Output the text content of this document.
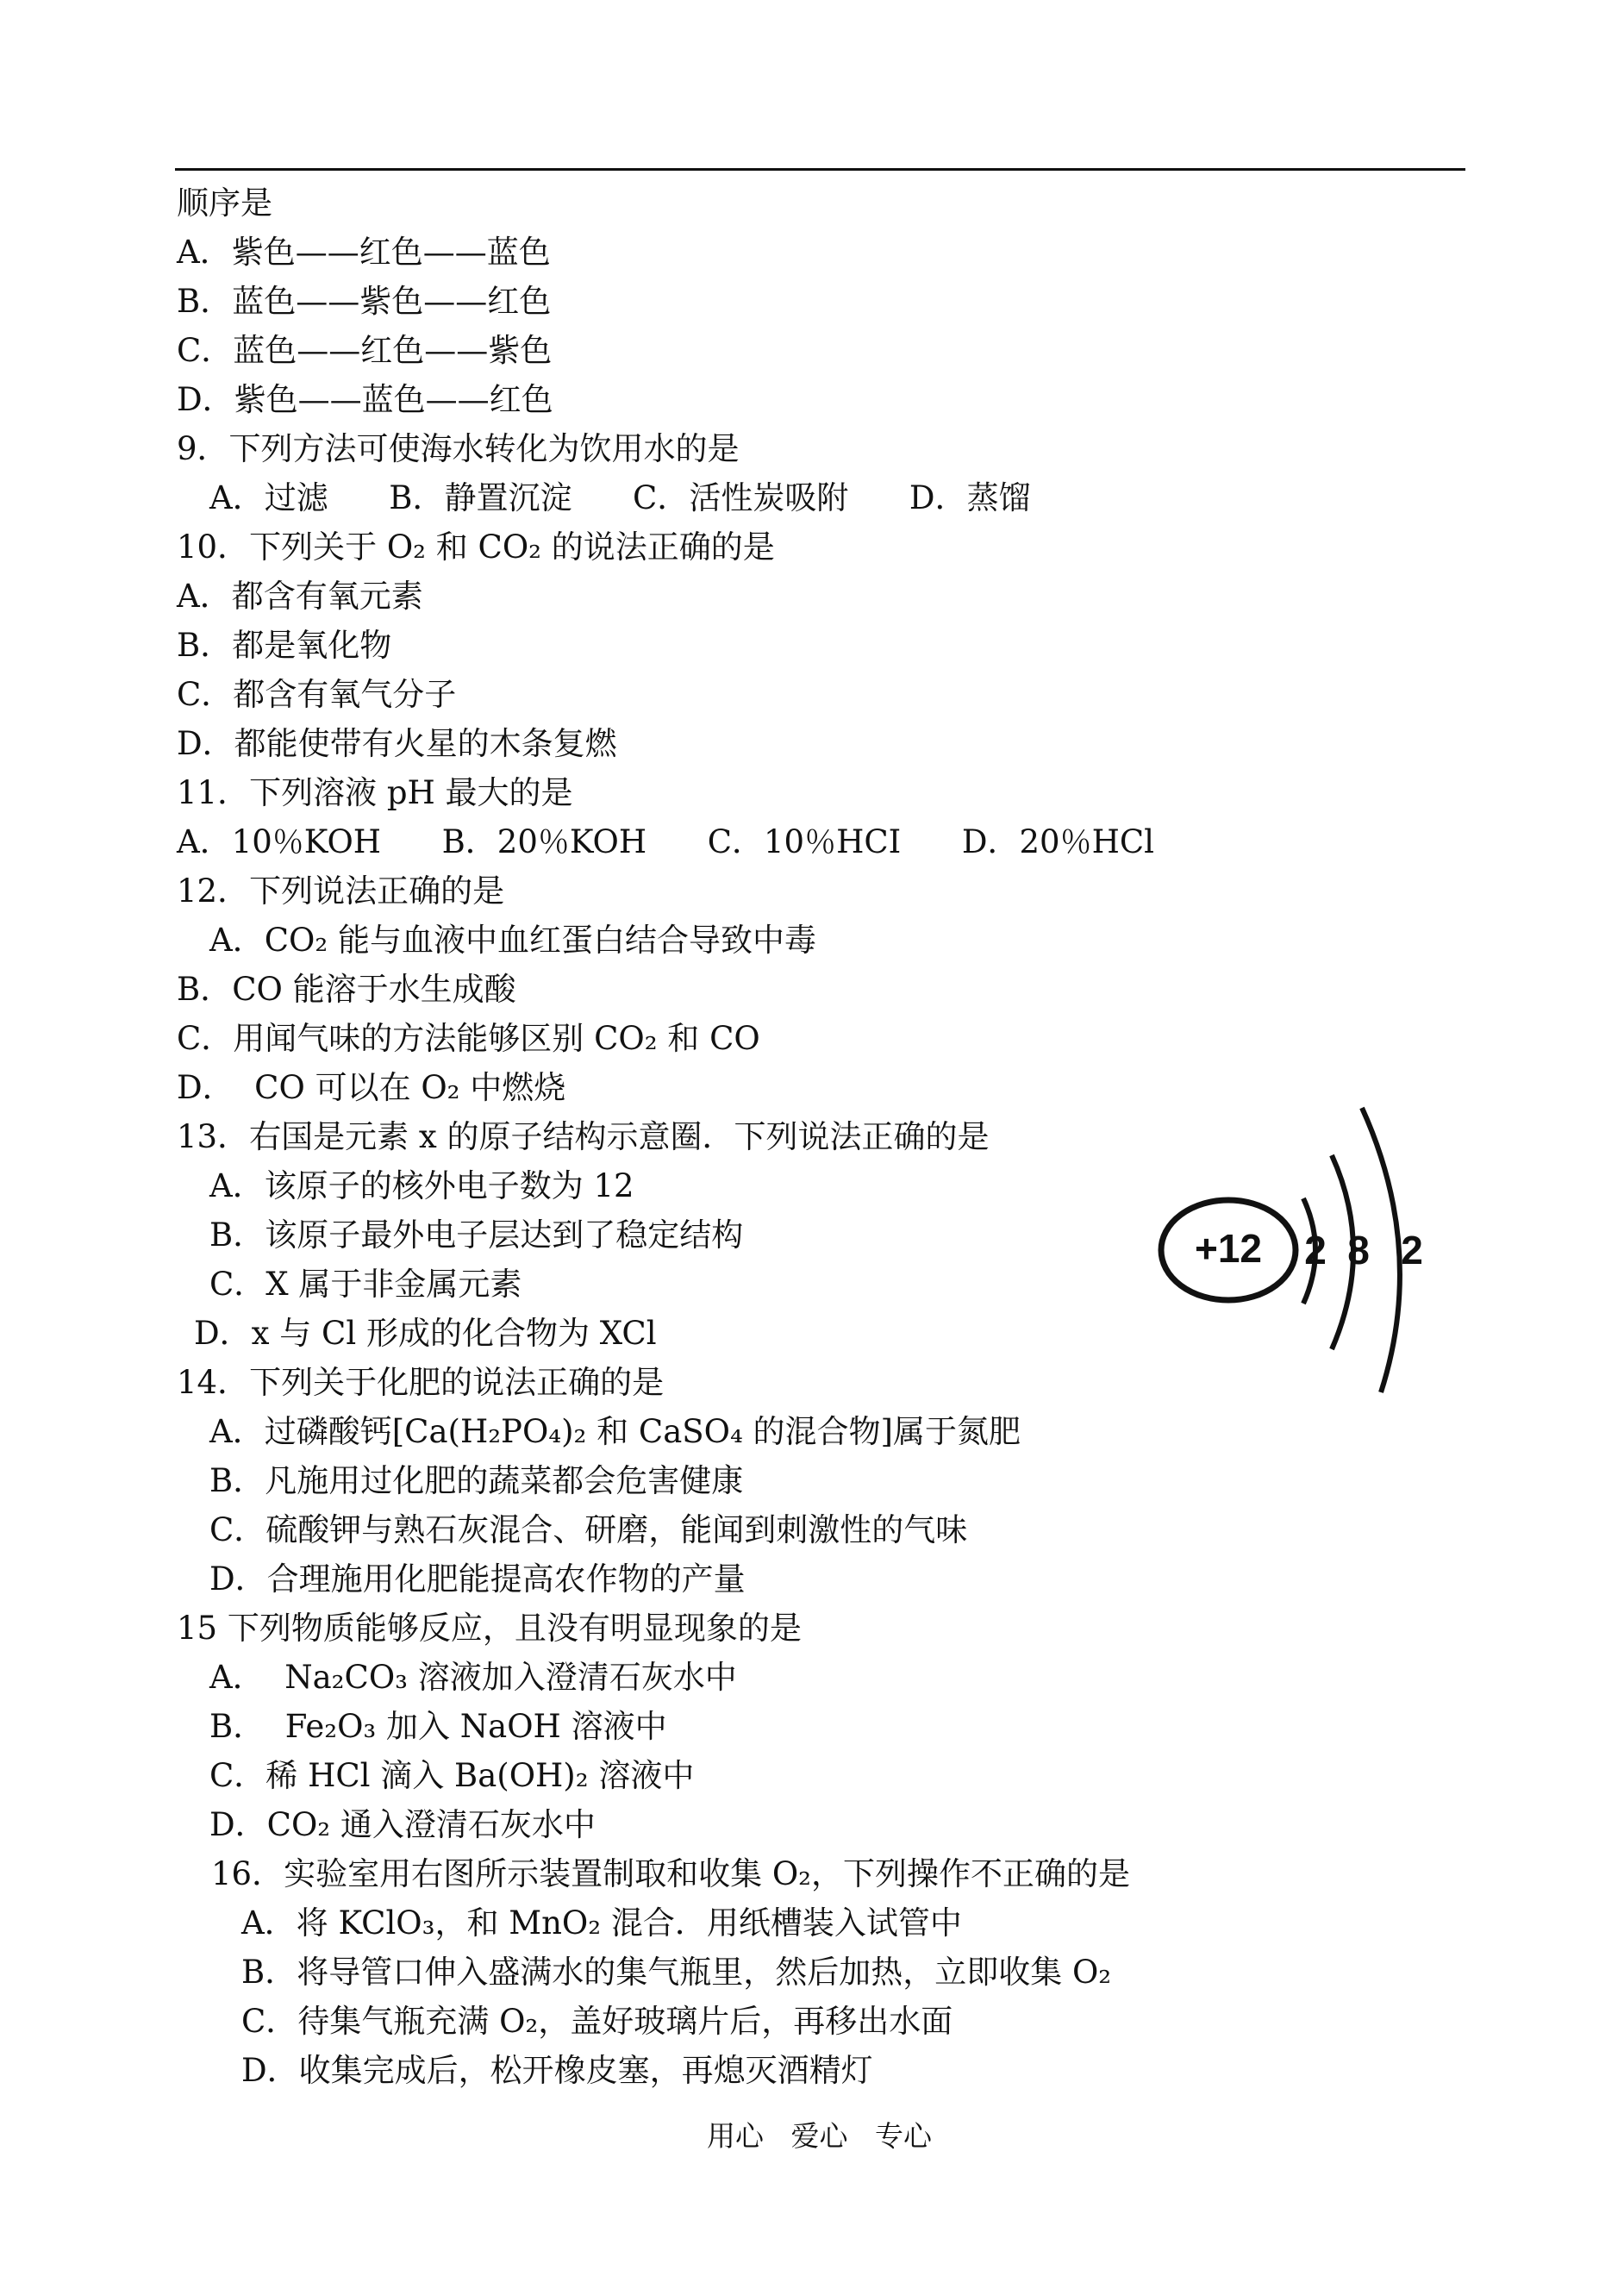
顺序是
A．紫色——红色——蓝色
B．蓝色——紫色——红色
C．蓝色——红色——紫色
D．紫色——蓝色——红色
9．下列方法可使海水转化为饮用水的是
A．过滤      B．静置沉淀      C．活性炭吸附      D．蒸馏
10．下列关于 O₂ 和 CO₂ 的说法正确的是
A．都含有氧元素
B．都是氧化物
C．都含有氧气分子
D．都能使带有火星的木条复燃
11．下列溶液 pH 最大的是
A．10％KOH      B．20％KOH      C．10％HCI      D．20％HCl
12．下列说法正确的是
A．CO₂ 能与血液中血红蛋白结合导致中毒
B．CO 能溶于水生成酸
C．用闻气味的方法能够区别 CO₂ 和 CO
D．  CO 可以在 O₂ 中燃烧
13．右国是元素 x 的原子结构示意圈．下列说法正确的是
A．该原子的核外电子数为 12
B．该原子最外电子层达到了稳定结构
C．X 属于非金属元素
D．x 与 Cl 形成的化合物为 XCl
14．下列关于化肥的说法正确的是
A．过磷酸钙[Ca(H₂PO₄)₂ 和 CaSO₄ 的混合物]属于氮肥
B．凡施用过化肥的蔬菜都会危害健康
C．硫酸钾与熟石灰混合、研磨，能闻到刺激性的气味
D．合理施用化肥能提高农作物的产量
15 下列物质能够反应，且没有明显现象的是
A．  Na₂CO₃ 溶液加入澄清石灰水中
B．  Fe₂O₃ 加入 NaOH 溶液中
C．稀 HCl 滴入 Ba(OH)₂ 溶液中
D．CO₂ 通入澄清石灰水中
16．实验室用右图所示装置制取和收集 O₂，下列操作不正确的是
A．将 KClO₃，和 MnO₂ 混合．用纸槽装入试管中
B．将导管口伸入盛满水的集气瓶里，然后加热，立即收集 O₂
C．待集气瓶充满 O₂，盖好玻璃片后，再移出水面
D．收集完成后，松开橡皮塞，再熄灭酒精灯
+12 2 8 2
用心   爱心   专心
